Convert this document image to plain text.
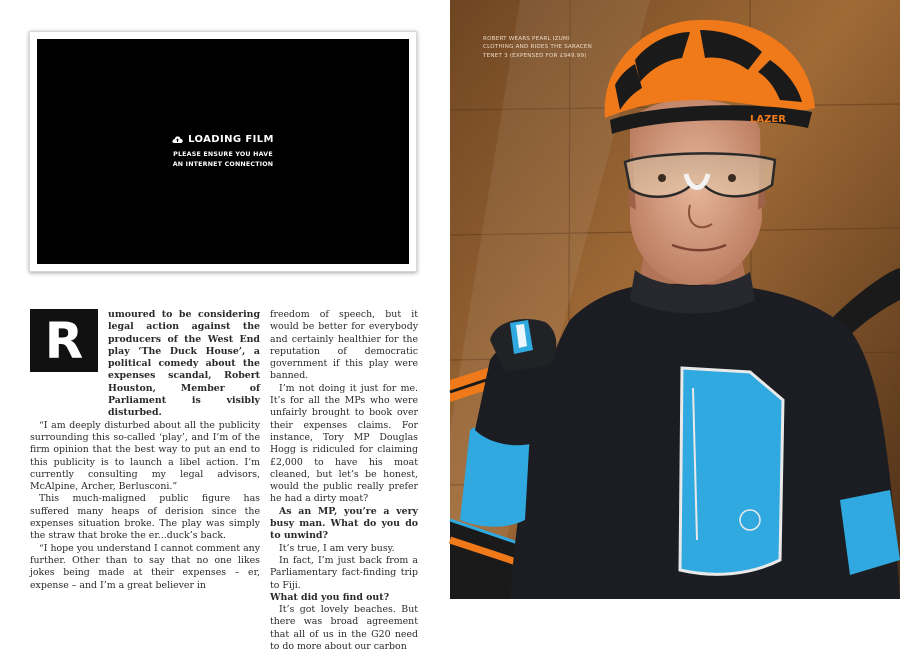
LOADING FILM
PLEASE ENSURE YOU HAVE
AN INTERNET CONNECTION
R	umoured to be considering legal action against the producers of the West End play ‘The Duck House’, a political comedy about the expenses scandal, Robert Houston, Member of Parliament is visibly disturbed.

“I am deeply disturbed about all the publicity surrounding this so-called ‘play’, and I’m of the firm opinion that the best way to put an end to this publicity is to launch a libel action. I’m currently consulting my legal advisors, McAlpine, Archer, Berlusconi.”

This much-maligned public figure has suffered many heaps of derision since the expenses situation broke. The play was simply the straw that broke the er...duck’s back.

“I hope you understand I cannot comment any further. Other than to say that no one likes jokes being made at their expenses – er, expense – and I’m a great believer in

freedom of speech, but it would be better for everybody and certainly healthier for the reputation of democratic government if this play were banned.

I’m not doing it just for me. It’s for all the MPs who were unfairly brought to book over their expenses claims. For instance, Tory MP Douglas Hogg is ridiculed for claiming £2,000 to have his moat cleaned, but let’s be honest, would the public really prefer he had a dirty moat?

As an MP, you’re a very busy man. What do you do to unwind?

It’s true, I am very busy.

In fact, I’m just back from a Parliamentary fact-finding trip to Fiji.

What did you find out?

It’s got lovely beaches. But there was broad agreement that all of us in the G20 need to do more about our carbon

LAZER
ROBERT WEARS PEARL IZUMI
CLOTHING AND RIDES THE SARACEN
TENET 3 (EXPENSED FOR £949.99)
